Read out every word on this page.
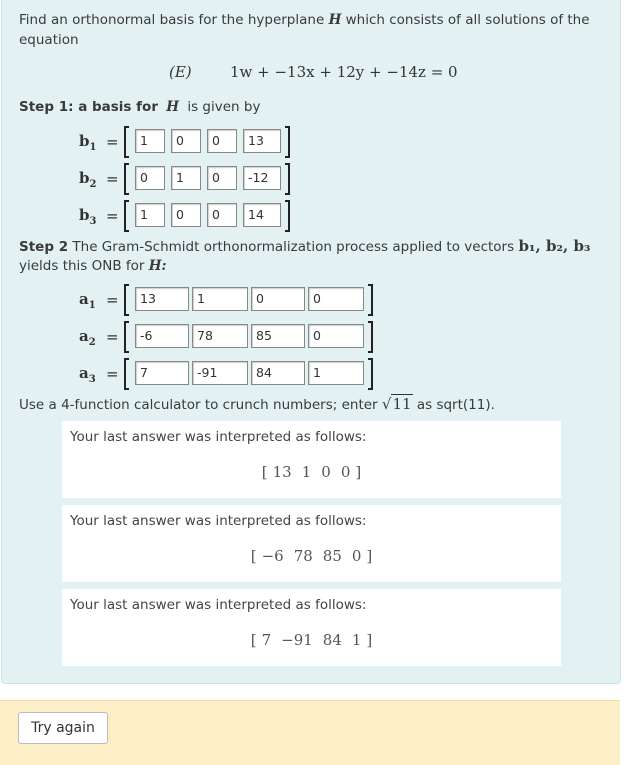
Find an orthonormal basis for the hyperplane H which consists of all solutions of the
equation
(E)	1w + −13x + 12y + −14z = 0
Step 1: a basis for H is given by
$b_1$ =	1	0	0	13
$b_2$ =	0	1	0	-12
$b_3$ =	1	0	0	14
Step 2 The Gram-Schmidt orthonormalization process applied to vectors b₁, b₂, b₃
yields this ONB for H:
$a_1$ =	13	1	0	0
$a_2$ =	-6	78	85	0
$a_3$ =	7	-91	84	1
Use a 4-function calculator to crunch numbers; enter √11 as sqrt(11).
Your last answer was interpreted as follows:
[ 13 1 0 0 ]
Your last answer was interpreted as follows:
[ −6 78 85 0 ]
Your last answer was interpreted as follows:
[ 7 −91 84 1 ]
Try again
